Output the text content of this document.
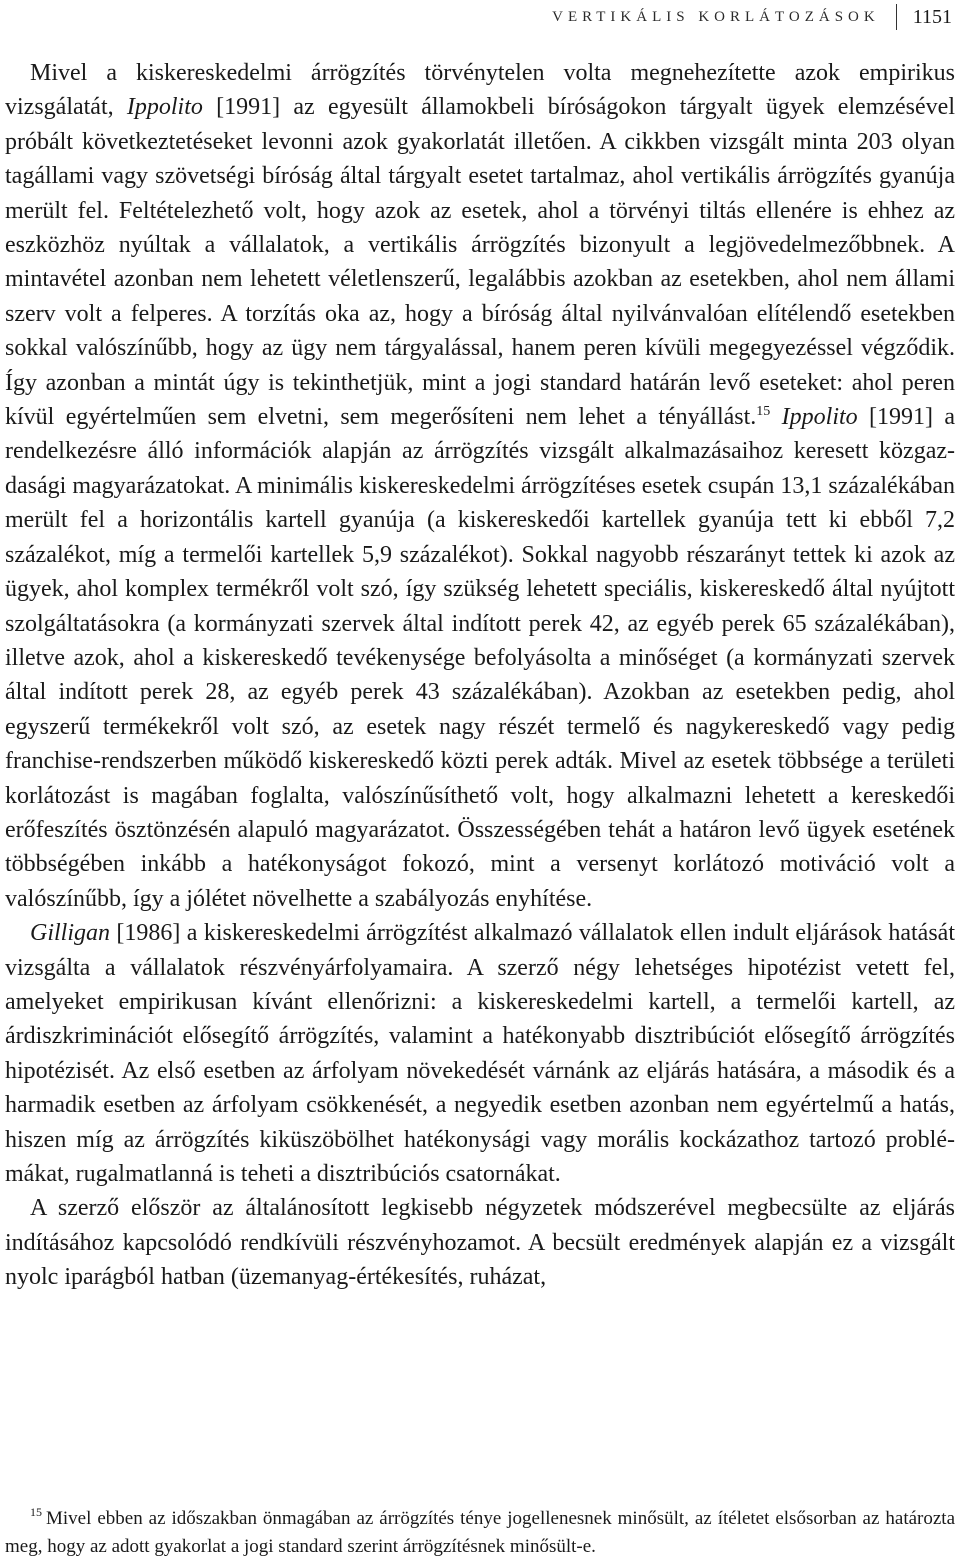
VERTIKÁLIS KORLÁTOZÁSOK	1151

Mivel a kiskereskedelmi árrögzítés törvénytelen volta megnehezítette azok empirikus vizsgálatát, Ippolito [1991] az egyesült államokbeli bíróságokon tárgyalt ügyek elemzésével próbált következtetéseket levonni azok gyakorlatát illetően. A cikkben vizsgált minta 203 olyan tagállami vagy szövetségi bíróság által tárgyalt esetet tartalmaz, ahol vertikális árrögzítés gyanúja merült fel. Feltételezhető volt, hogy azok az esetek, ahol a törvényi tiltás ellenére is ehhez az eszközhöz nyúltak a vállalatok, a vertikális árrögzítés bizonyult a legjövedelmezőbbnek. A mintavétel azonban nem lehetett véletlenszerű, legalábbis azokban az esetekben, ahol nem állami szerv volt a felperes. A torzítás oka az, hogy a bíróság által nyilvánvalóan elítélendő esetekben sokkal valószínűbb, hogy az ügy nem tárgyalással, hanem peren kívüli megegyezéssel végződik. Így azonban a mintát úgy is tekinthetjük, mint a jogi standard határán levő eseteket: ahol peren kívül egyértelműen sem elvetni, sem megerősíteni nem lehet a tényállást.$^{15}$ Ippolito [1991] a rendelkezésre álló információk alapján az árrögzítés vizsgált alkalmazásaihoz keresett közgazdasági magyarázatokat. A minimális kiskereskedelmi árrögzítéses esetek csupán 13,1 százalékában merült fel a horizontális kartell gyanúja (a kiskereskedői kartellek gyanúja tett ki ebből 7,2 százalékot, míg a termelői kartellek 5,9 százalékot). Sokkal nagyobb részarányt tettek ki azok az ügyek, ahol komplex termékről volt szó, így szükség lehetett speciális, kiskereskedő által nyújtott szolgáltatásokra (a kormányzati szervek által indított perek 42, az egyéb perek 65 százalékában), illetve azok, ahol a kiskereskedő tevékenysége befolyásolta a minőséget (a kormányzati szervek által indított perek 28, az egyéb perek 43 százalékában). Azokban az esetekben pedig, ahol egyszerű termékekről volt szó, az esetek nagy részét termelő és nagykereskedő vagy pedig franchise-rendszerben működő kiskereskedő közti perek adták. Mivel az esetek többsége a területi korlátozást is magában foglalta, valószínűsíthető volt, hogy alkalmazni lehetett a kereskedői erőfeszítés ösztönzésén alapuló magyarázatot. Összességében tehát a határon levő ügyek esetének többségében inkább a hatékonyságot fokozó, mint a versenyt korlátozó motiváció volt a valószínűbb, így a jólétet növelhette a szabályozás enyhítése.

Gilligan [1986] a kiskereskedelmi árrögzítést alkalmazó vállalatok ellen indult eljárások hatását vizsgálta a vállalatok részvényárfolyamaira. A szerző négy lehetséges hipotézist vetett fel, amelyeket empirikusan kívánt ellenőrizni: a kiskereskedelmi kartell, a termelői kartell, az árdiszkriminációt elősegítő árrögzítés, valamint a hatékonyabb disztribúciót elősegítő árrögzítés hipotézisét. Az első esetben az árfolyam növekedését várnánk az eljárás hatására, a második és a harmadik esetben az árfolyam csökkenését, a negyedik esetben azonban nem egyértelmű a hatás, hiszen míg az árrögzítés kiküszöbölhet hatékonysági vagy morális kockázathoz tartozó problémákat, rugalmatlanná is teheti a disztribúciós csatornákat.

A szerző először az általánosított legkisebb négyzetek módszerével megbecsülte az eljárás indításához kapcsolódó rendkívüli részvényhozamot. A becsült eredmények alapján ez a vizsgált nyolc iparágból hatban (üzemanyag-értékesítés, ruházat,

$^{15}$ Mivel ebben az időszakban önmagában az árrögzítés ténye jogellenesnek minősült, az ítéletet elsősorban az határozta meg, hogy az adott gyakorlat a jogi standard szerint árrögzítésnek minősült-e.
